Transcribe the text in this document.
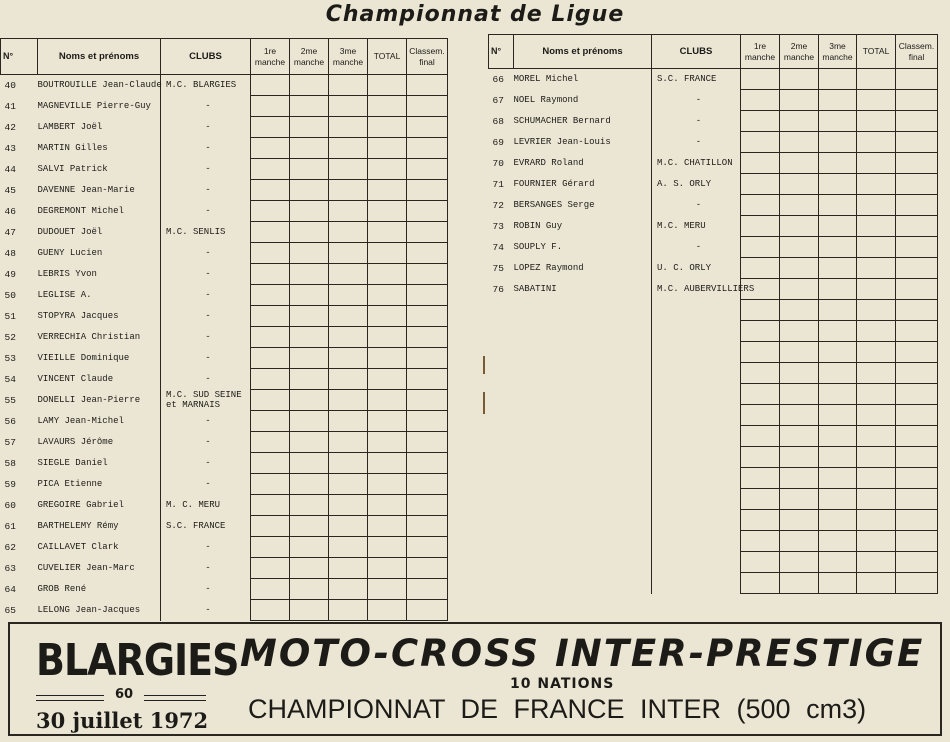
Championnat de Ligue
N°	Noms et prénoms	CLUBS	1re manche	2me manche	3me manche	TOTAL	Classem. final
40	BOUTROUILLE Jean-Claude	M.C. BLARGIES					
41	MAGNEVILLE Pierre-Guy	-					
42	LAMBERT Joël	-					
43	MARTIN Gilles	-					
44	SALVI Patrick	-					
45	DAVENNE Jean-Marie	-					
46	DEGREMONT Michel	-					
47	DUDOUET Joël	M.C. SENLIS					
48	GUENY Lucien	-					
49	LEBRIS Yvon	-					
50	LEGLISE A.	-					
51	STOPYRA Jacques	-					
52	VERRECHIA Christian	-					
53	VIEILLE Dominique	-					
54	VINCENT Claude	-					
55	DONELLI Jean-Pierre	M.C. SUD SEINE et MARNAIS					
56	LAMY Jean-Michel	-					
57	LAVAURS Jérôme	-					
58	SIEGLE Daniel	-					
59	PICA Etienne	-					
60	GREGOIRE Gabriel	M. C. MERU					
61	BARTHELEMY Rémy	S.C. FRANCE					
62	CAILLAVET Clark	-					
63	CUVELIER Jean-Marc	-					
64	GROB René	-					
65	LELONG Jean-Jacques	-					
N°	Noms et prénoms	CLUBS	1re manche	2me manche	3me manche	TOTAL	Classem. final
66	MOREL Michel	S.C. FRANCE					
67	NOEL Raymond	-					
68	SCHUMACHER Bernard	-					
69	LEVRIER Jean-Louis	-					
70	EVRARD Roland	M.C. CHATILLON					
71	FOURNIER Gérard	A. S. ORLY					
72	BERSANGES Serge	-					
73	ROBIN Guy	M.C. MERU					
74	SOUPLY F.	-					
75	LOPEZ Raymond	U. C. ORLY					
76	SABATINI	M.C. AUBERVILLIERS					

BLARGIES
60
30 juillet 1972
MOTO-CROSS INTER-PRESTIGE
10 NATIONS
CHAMPIONNAT DE FRANCE INTER (500 cm3)
